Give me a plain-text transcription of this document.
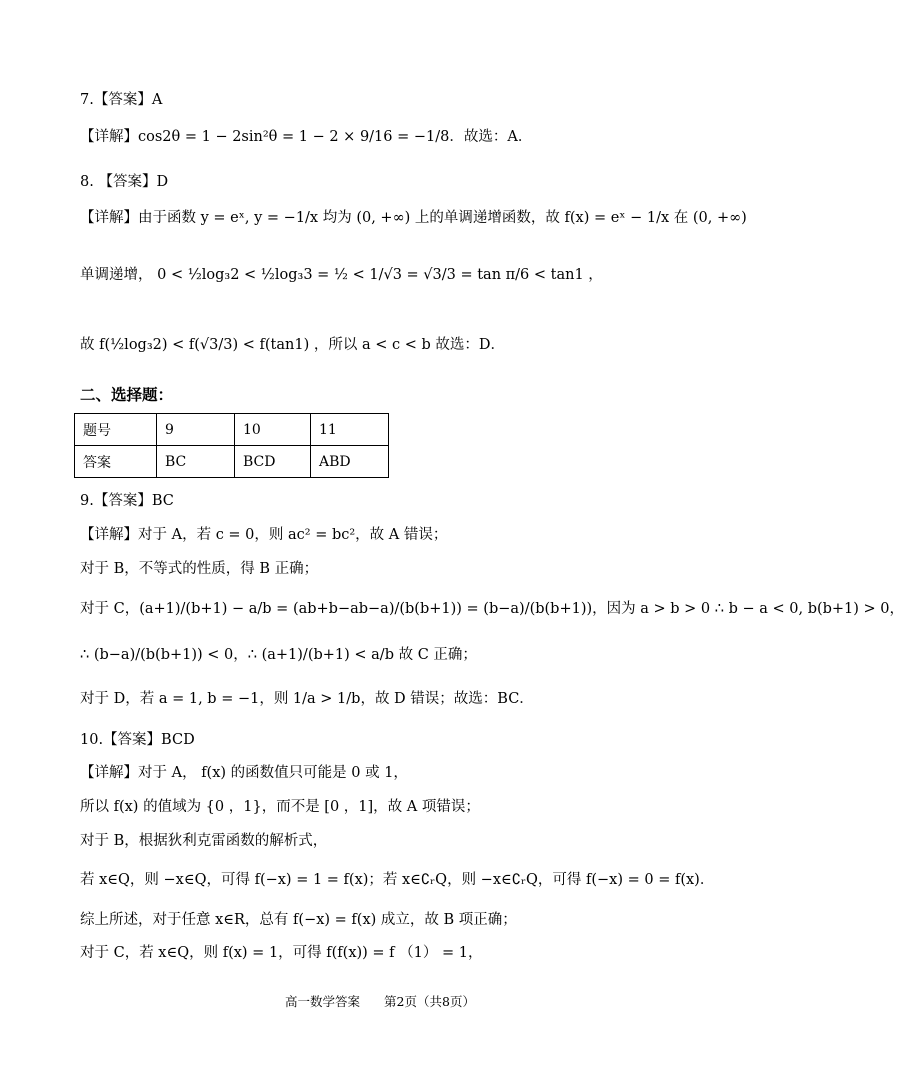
7.【答案】A
【详解】cos2θ = 1 − 2sin²θ = 1 − 2 × 9/16 = −1/8．故选：A．
8. 【答案】D
【详解】由于函数 y = eˣ, y = −1/x 均为 (0, +∞) 上的单调递增函数，故 f(x) = eˣ − 1/x 在 (0, +∞)
单调递增， 0 < ½log₃2 < ½log₃3 = ½ < 1/√3 = √3/3 = tan π/6 < tan1 ，
故 f(½log₃2) < f(√3/3) < f(tan1) ，所以 a < c < b 故选：D．
二、选择题：
题号	9	10	11
答案	BC	BCD	ABD
9.【答案】BC
【详解】对于 A，若 c = 0，则 ac² = bc²，故 A 错误；
对于 B，不等式的性质，得 B 正确；
对于 C，(a+1)/(b+1) − a/b = (ab+b−ab−a)/(b(b+1)) = (b−a)/(b(b+1))，因为 a > b > 0 ∴ b − a < 0, b(b+1) > 0，
∴ (b−a)/(b(b+1)) < 0，∴ (a+1)/(b+1) < a/b 故 C 正确；
对于 D，若 a = 1, b = −1，则 1/a > 1/b，故 D 错误；故选：BC．
10.【答案】BCD
【详解】对于 A， f(x) 的函数值只可能是 0 或 1，
所以 f(x) 的值域为 {0 ，1}，而不是 [0 ，1]，故 A 项错误；
对于 B，根据狄利克雷函数的解析式，
若 x∈Q，则 −x∈Q，可得 f(−x) = 1 = f(x)；若 x∈∁ᵣQ，则 −x∈∁ᵣQ，可得 f(−x) = 0 = f(x)．
综上所述，对于任意 x∈R，总有 f(−x) = f(x) 成立，故 B 项正确；
对于 C，若 x∈Q，则 f(x) = 1，可得 f(f(x)) = f （1） = 1，
高一数学答案 第2页（共8页）
